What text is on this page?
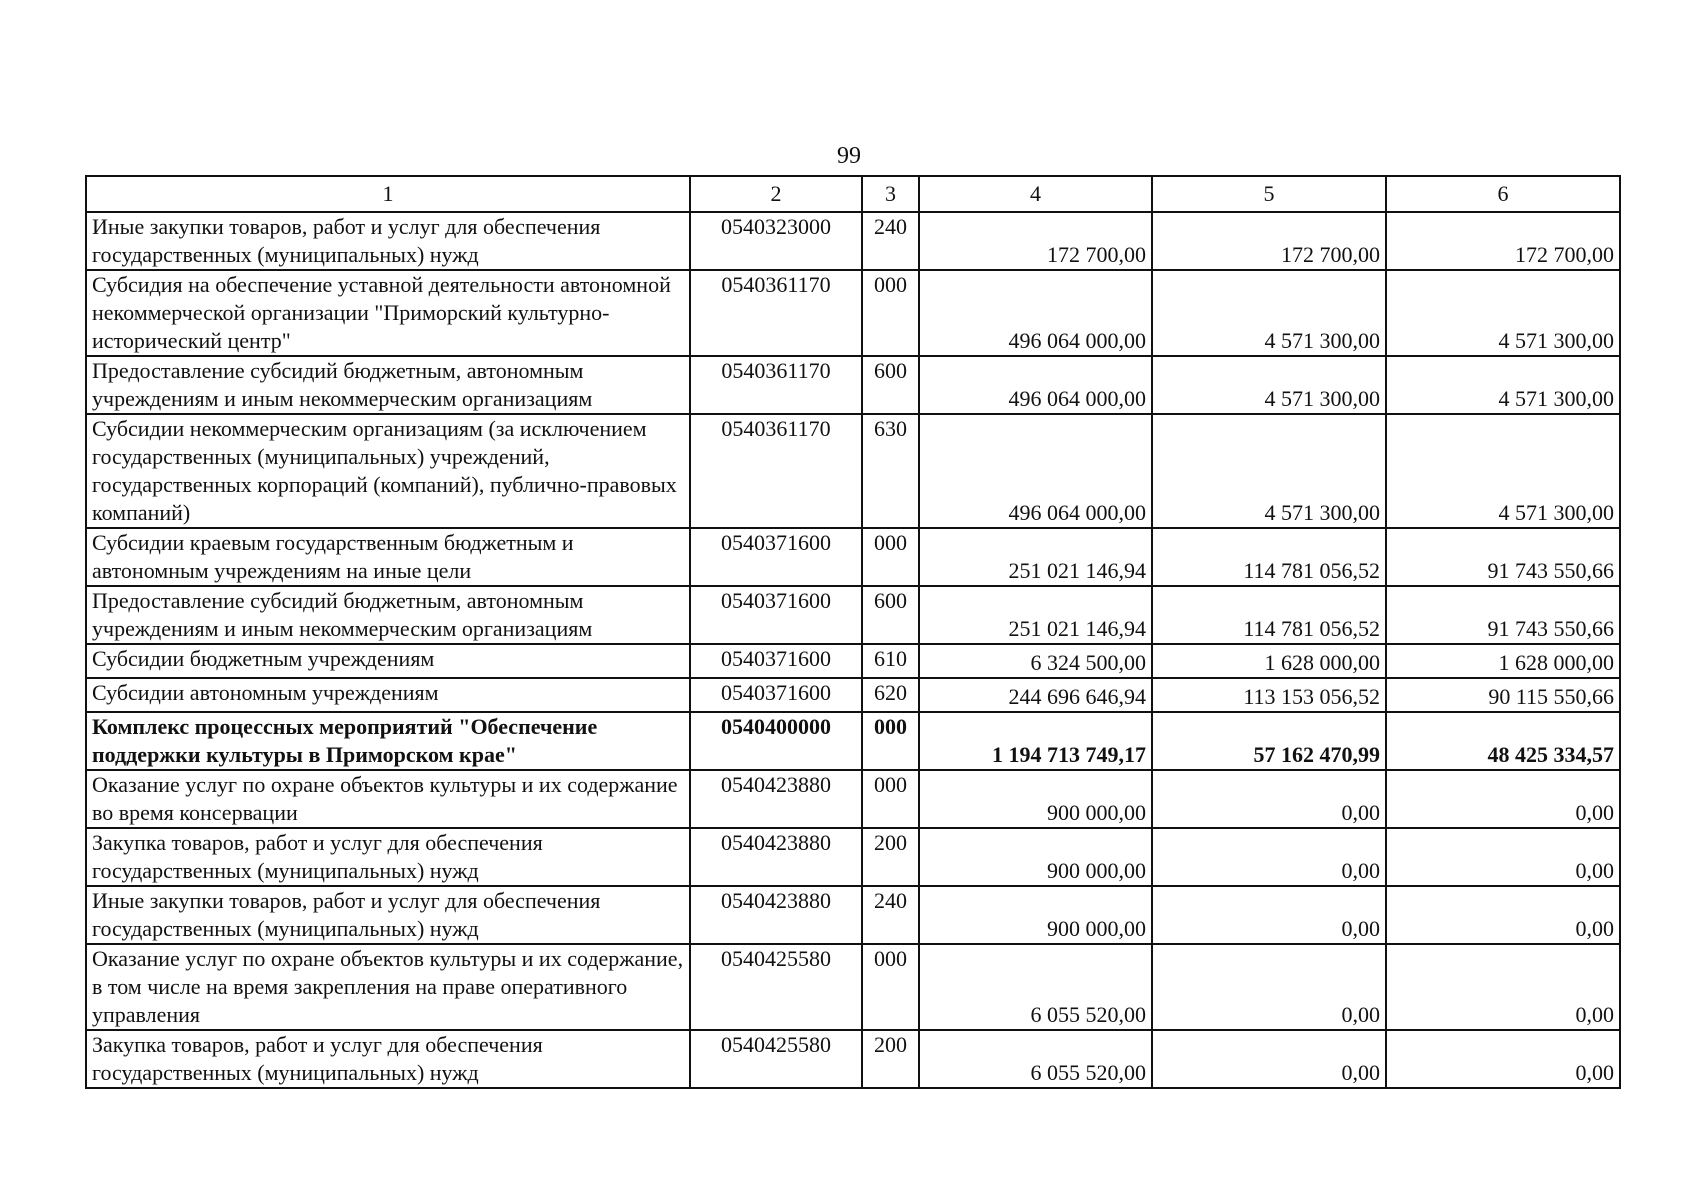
99
1	2	3	4	5	6
Иные закупки товаров, работ и услуг для обеспечения государственных (муниципальных) нужд	0540323000	240	172 700,00	172 700,00	172 700,00
Субсидия на обеспечение уставной деятельности автономной некоммерческой организации "Приморский культурно-исторический центр"	0540361170	000	496 064 000,00	4 571 300,00	4 571 300,00
Предоставление субсидий бюджетным, автономным учреждениям и иным некоммерческим организациям	0540361170	600	496 064 000,00	4 571 300,00	4 571 300,00
Субсидии некоммерческим организациям (за исключением государственных (муниципальных) учреждений, государственных корпораций (компаний), публично-правовых компаний)	0540361170	630	496 064 000,00	4 571 300,00	4 571 300,00
Субсидии краевым государственным бюджетным и автономным учреждениям на иные цели	0540371600	000	251 021 146,94	114 781 056,52	91 743 550,66
Предоставление субсидий бюджетным, автономным учреждениям и иным некоммерческим организациям	0540371600	600	251 021 146,94	114 781 056,52	91 743 550,66
Субсидии бюджетным учреждениям	0540371600	610	6 324 500,00	1 628 000,00	1 628 000,00
Субсидии автономным учреждениям	0540371600	620	244 696 646,94	113 153 056,52	90 115 550,66
Комплекс процессных мероприятий "Обеспечение поддержки культуры в Приморском крае"	0540400000	000	1 194 713 749,17	57 162 470,99	48 425 334,57
Оказание услуг по охране объектов культуры и их содержание во время консервации	0540423880	000	900 000,00	0,00	0,00
Закупка товаров, работ и услуг для обеспечения государственных (муниципальных) нужд	0540423880	200	900 000,00	0,00	0,00
Иные закупки товаров, работ и услуг для обеспечения государственных (муниципальных) нужд	0540423880	240	900 000,00	0,00	0,00
Оказание услуг по охране объектов культуры и их содержание, в том числе на время закрепления на праве оперативного управления	0540425580	000	6 055 520,00	0,00	0,00
Закупка товаров, работ и услуг для обеспечения государственных (муниципальных) нужд	0540425580	200	6 055 520,00	0,00	0,00
